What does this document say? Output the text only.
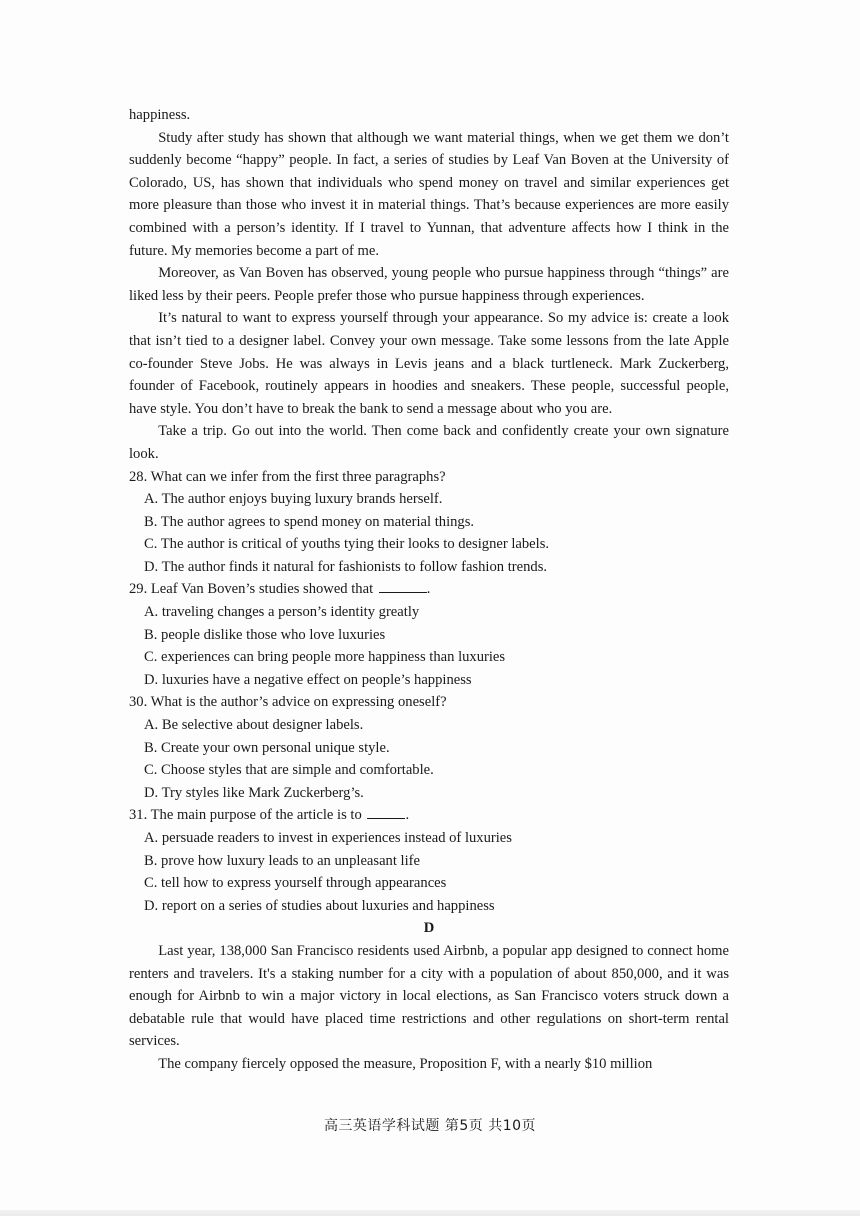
happiness.

Study after study has shown that although we want material things, when we get them we don’t suddenly become “happy” people. In fact, a series of studies by Leaf Van Boven at the University of Colorado, US, has shown that individuals who spend money on travel and similar experiences get more pleasure than those who invest it in material things. That’s because experiences are more easily combined with a person’s identity. If I travel to Yunnan, that adventure affects how I think in the future. My memories become a part of me.

Moreover, as Van Boven has observed, young people who pursue happiness through “things” are liked less by their peers. People prefer those who pursue happiness through experiences.

It’s natural to want to express yourself through your appearance. So my advice is: create a look that isn’t tied to a designer label. Convey your own message. Take some lessons from the late Apple co-founder Steve Jobs. He was always in Levis jeans and a black turtleneck. Mark Zuckerberg, founder of Facebook, routinely appears in hoodies and sneakers. These people, successful people, have style. You don’t have to break the bank to send a message about who you are.

Take a trip. Go out into the world. Then come back and confidently create your own signature look.

28. What can we infer from the first three paragraphs?

A. The author enjoys buying luxury brands herself.

B. The author agrees to spend money on material things.

C. The author is critical of youths tying their looks to designer labels.

D. The author finds it natural for fashionists to follow fashion trends.

29. Leaf Van Boven’s studies showed that	.

A. traveling changes a person’s identity greatly

B. people dislike those who love luxuries

C. experiences can bring people more happiness than luxuries

D. luxuries have a negative effect on people’s happiness

30. What is the author’s advice on expressing oneself?

A. Be selective about designer labels.

B. Create your own personal unique style.

C. Choose styles that are simple and comfortable.

D. Try styles like Mark Zuckerberg’s.

31. The main purpose of the article is to	.

A. persuade readers to invest in experiences instead of luxuries

B. prove how luxury leads to an unpleasant life

C. tell how to express yourself through appearances

D. report on a series of studies about luxuries and happiness

D

Last year, 138,000 San Francisco residents used Airbnb, a popular app designed to connect home renters and travelers. It's a staking number for a city with a population of about 850,000, and it was enough for Airbnb to win a major victory in local elections, as San Francisco voters struck down a debatable rule that would have placed time restrictions and other regulations on short-term rental services.

The company fiercely opposed the measure, Proposition F, with a nearly $10 million

高三英语学科试题 第5页 共10页
